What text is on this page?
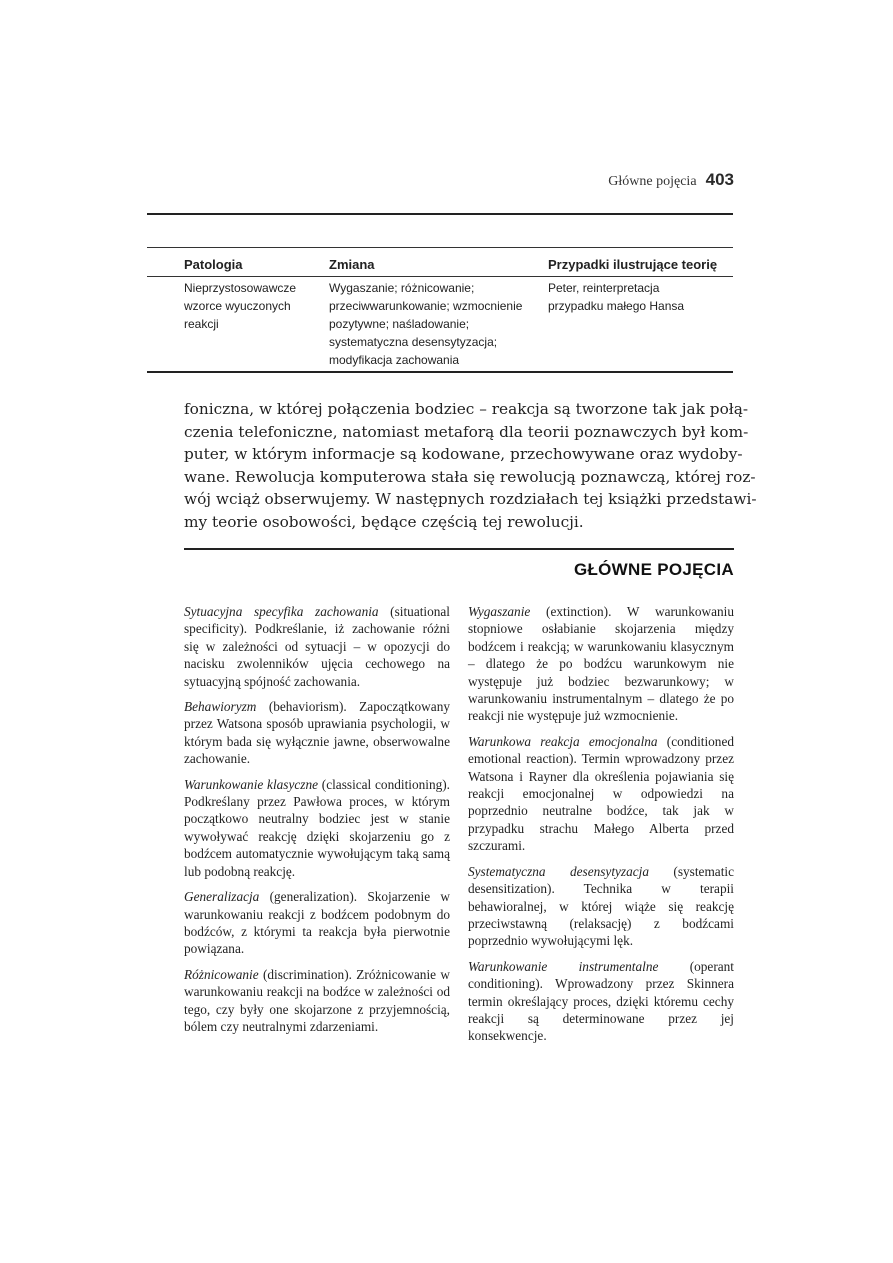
Główne pojęcia 403
Patologia	Zmiana	Przypadki ilustrujące teorię
Nieprzystosowawcze
wzorce wyuczonych
reakcji
Wygaszanie; różnicowanie;
przeciwwarunkowanie; wzmocnienie
pozytywne; naśladowanie;
systematyczna desensytyzacja;
modyfikacja zachowania
Peter, reinterpretacja
przypadku małego Hansa
foniczna, w której połączenia bodziec – reakcja są tworzone tak jak połą-
czenia telefoniczne, natomiast metaforą dla teorii poznawczych był kom-
puter, w którym informacje są kodowane, przechowywane oraz wydoby-
wane. Rewolucja komputerowa stała się rewolucją poznawczą, której roz-
wój wciąż obserwujemy. W następnych rozdziałach tej książki przedstawi-
my teorie osobowości, będące częścią tej rewolucji.
GŁÓWNE POJĘCIA

Sytuacyjna specyfika zachowania (situational specificity). Podkreślanie, iż zachowanie różni się w zależności od sytuacji – w opozycji do nacisku zwolenników ujęcia cechowego na sytuacyjną spójność zachowania.

Behawioryzm (behaviorism). Zapoczątkowany przez Watsona sposób uprawiania psychologii, w którym bada się wyłącznie jawne, obserwowalne zachowanie.

Warunkowanie klasyczne (classical conditioning). Podkreślany przez Pawłowa proces, w którym początkowo neutralny bodziec jest w stanie wywoływać reakcję dzięki skojarzeniu go z bodźcem automatycznie wywołującym taką samą lub podobną reakcję.

Generalizacja (generalization). Skojarzenie w warunkowaniu reakcji z bodźcem podobnym do bodźców, z którymi ta reakcja była pierwotnie powiązana.

Różnicowanie (discrimination). Zróżnicowanie w warunkowaniu reakcji na bodźce w zależności od tego, czy były one skojarzone z przyjemnością, bólem czy neutralnymi zdarzeniami.

Wygaszanie (extinction). W warunkowaniu stopniowe osłabianie skojarzenia między bodźcem i reakcją; w warunkowaniu klasycznym – dlatego że po bodźcu warunkowym nie występuje już bodziec bezwarunkowy; w warunkowaniu instrumentalnym – dlatego że po reakcji nie występuje już wzmocnienie.

Warunkowa reakcja emocjonalna (conditioned emotional reaction). Termin wprowadzony przez Watsona i Rayner dla określenia pojawiania się reakcji emocjonalnej w odpowiedzi na poprzednio neutralne bodźce, tak jak w przypadku strachu Małego Alberta przed szczurami.

Systematyczna desensytyzacja (systematic desensitization). Technika w terapii behawioralnej, w której wiąże się reakcję przeciwstawną (relaksację) z bodźcami poprzednio wywołującymi lęk.

Warunkowanie instrumentalne (operant conditioning). Wprowadzony przez Skinnera termin określający proces, dzięki któremu cechy reakcji są determinowane przez jej konsekwencje.
